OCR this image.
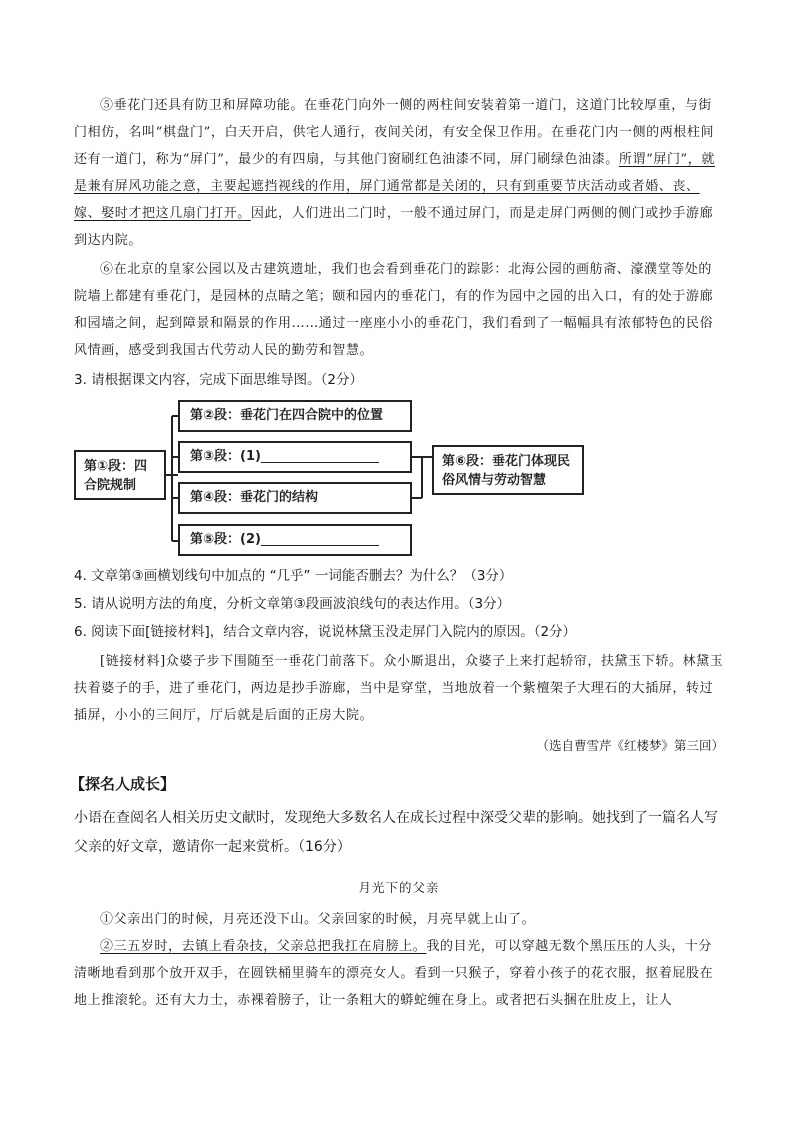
⑤垂花门还具有防卫和屏障功能。在垂花门向外一侧的两柱间安装着第一道门，这道门比较厚重，与街门相仿，名叫“棋盘门”，白天开启，供宅人通行，夜间关闭，有安全保卫作用。在垂花门内一侧的两根柱间还有一道门，称为“屏门”，最少的有四扇，与其他门窗刷红色油漆不同，屏门刷绿色油漆。所谓“屏门”，就是兼有屏风功能之意，主要起遮挡视线的作用，屏门通常都是关闭的，只有到重要节庆活动或者婚、丧、嫁、娶时才把这几扇门打开。因此，人们进出二门时，一般不通过屏门，而是走屏门两侧的侧门或抄手游廊到达内院。

⑥在北京的皇家公园以及古建筑遗址，我们也会看到垂花门的踪影：北海公园的画舫斋、濠濮堂等处的院墙上都建有垂花门，是园林的点睛之笔；颐和园内的垂花门，有的作为园中之园的出入口，有的处于游廊和园墙之间，起到障景和隔景的作用……通过一座座小小的垂花门，我们看到了一幅幅具有浓郁特色的民俗风情画，感受到我国古代劳动人民的勤劳和智慧。

3. 请根据课文内容，完成下面思维导图。（2分）

第①段：四合院规制
第②段：垂花门在四合院中的位置
第③段：(1)
第④段：垂花门的结构
第⑤段：(2)
第⑥段：垂花门体现民俗风情与劳动智慧

4. 文章第③画横划线句中加点的 “几乎” 一词能否删去？为什么？（3分）

5. 请从说明方法的角度，分析文章第③段画波浪线句的表达作用。（3分）

6. 阅读下面[链接材料]，结合文章内容，说说林黛玉没走屏门入院内的原因。（2分）

[链接材料]众婆子步下围随至一垂花门前落下。众小厮退出，众婆子上来打起轿帘，扶黛玉下轿。林黛玉扶着婆子的手，进了垂花门，两边是抄手游廊，当中是穿堂，当地放着一个紫檀架子大理石的大插屏，转过插屏，小小的三间厅，厅后就是后面的正房大院。

（选自曹雪芹《红楼梦》第三回）

【探名人成长】

小语在查阅名人相关历史文献时，发现绝大多数名人在成长过程中深受父辈的影响。她找到了一篇名人写父亲的好文章，邀请你一起来赏析。（16分）

月光下的父亲

①父亲出门的时候，月亮还没下山。父亲回家的时候，月亮早就上山了。

②三五岁时，去镇上看杂技，父亲总把我扛在肩膀上。我的目光，可以穿越无数个黑压压的人头，十分清晰地看到那个放开双手，在圆铁桶里骑车的漂亮女人。看到一只猴子，穿着小孩子的花衣服，抠着屁股在地上推滚轮。还有大力士，赤裸着膀子，让一条粗大的蟒蛇缠在身上。或者把石头捆在肚皮上，让人
